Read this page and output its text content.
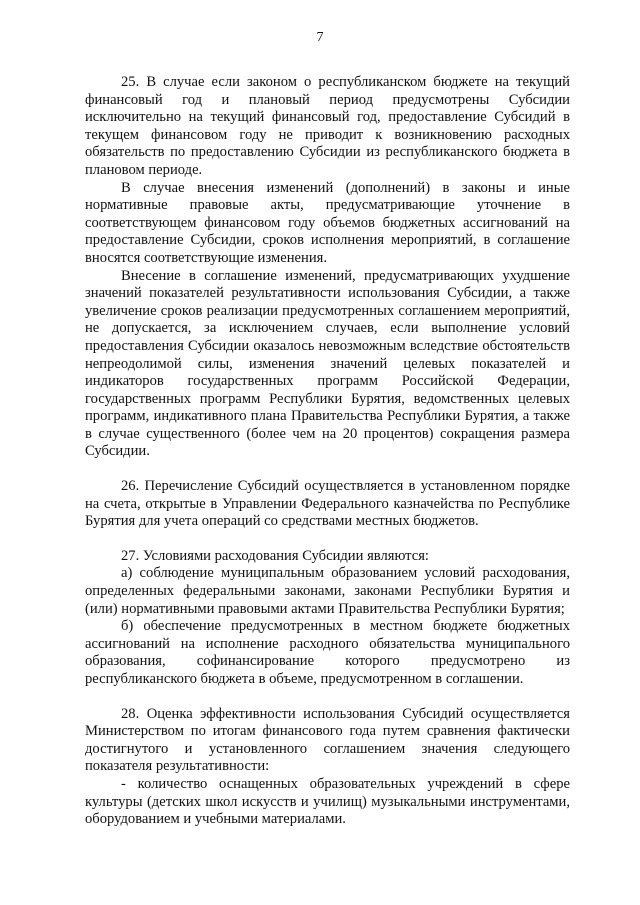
7

25. В случае если законом о республиканском бюджете на текущий финансовый год и плановый период предусмотрены Субсидии исключительно на текущий финансовый год, предоставление Субсидий в текущем финансовом году не приводит к возникновению расходных обязательств по предоставлению Субсидии из республиканского бюджета в плановом периоде.

В случае внесения изменений (дополнений) в законы и иные нормативные правовые акты, предусматривающие уточнение в соответствующем финансовом году объемов бюджетных ассигнований на предоставление Субсидии, сроков исполнения мероприятий, в соглашение вносятся соответствующие изменения.

Внесение в соглашение изменений, предусматривающих ухудшение значений показателей результативности использования Субсидии, а также увеличение сроков реализации предусмотренных соглашением мероприятий, не допускается, за исключением случаев, если выполнение условий предоставления Субсидии оказалось невозможным вследствие обстоятельств непреодолимой силы, изменения значений целевых показателей и индикаторов государственных программ Российской Федерации, государственных программ Республики Бурятия, ведомственных целевых программ, индикативного плана Правительства Республики Бурятия, а также в случае существенного (более чем на 20 процентов) сокращения размера Субсидии.

26. Перечисление Субсидий осуществляется в установленном порядке на счета, открытые в Управлении Федерального казначейства по Республике Бурятия для учета операций со средствами местных бюджетов.

27. Условиями расходования Субсидии являются:

а) соблюдение муниципальным образованием условий расходования, определенных федеральными законами, законами Республики Бурятия и (или) нормативными правовыми актами Правительства Республики Бурятия;

б) обеспечение предусмотренных в местном бюджете бюджетных ассигнований на исполнение расходного обязательства муниципального образования, софинансирование которого предусмотрено из республиканского бюджета в объеме, предусмотренном в соглашении.

28. Оценка эффективности использования Субсидий осуществляется Министерством по итогам финансового года путем сравнения фактически достигнутого и установленного соглашением значения следующего показателя результативности:

- количество оснащенных образовательных учреждений в сфере культуры (детских школ искусств и училищ) музыкальными инструментами, оборудованием и учебными материалами.
